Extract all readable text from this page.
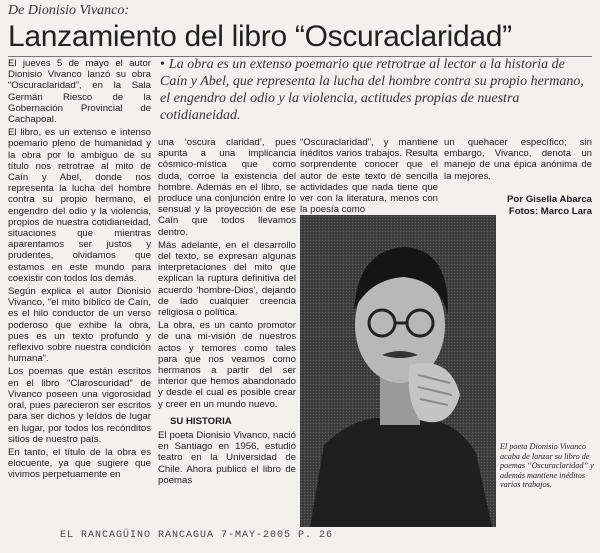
De Dionisio Vivanco:
Lanzamiento del libro “Oscuraclaridad”
• La obra es un extenso poemario que retrotrae al lector a la historia de Caín y Abel, que representa la lucha del hombre contra su propio hermano, el engendro del odio y la violencia, actitudes propias de nuestra cotidianeidad.

El jueves 5 de mayo el autor Dionisio Vivanco lanzó su obra “Oscuraclaridad”, en la Sala Germán Riesco de la Gobernación Provincial de Cachapoal.

El libro, es un extenso e intenso poemario pleno de humanidad y la obra por lo ambiguo de su título nos retrotrae al mito de Caín y Abel, donde nos representa la lucha del hombre contra su propio hermano, el engendro del odio y la violencia, propios de nuestra cotidianeidad, situaciones que mientras aparentamos ser justos y prudentes, olvidamos que estamos en este mundo para coexistir con todos los demás.

Según explica el autor Dionisio Vivanco, “el mito bíblico de Caín, es el hilo conductor de un verso poderoso que exhibe la obra, pues es un texto profundo y reflexivo sobre nuestra condición humana”.

Los poemas que están escritos en el libro “Claroscuridad” de Vivanco poseen una vigorosidad oral, pues parecieron ser escritos para ser dichos y leídos de lugar en lugar, por todos los recónditos sitios de nuestro país.

En tanto, el título de la obra es elocuente, ya que sugiere que vivimos perpetuamente en

una ‘oscura claridad’, pues apunta a una implicancia cósmico-mística que como duda, corroe la existencia del hombre. Además en el libro, se produce una conjunción entre lo sensual y la proyección de ese Caín que todos llevamos dentro.

Más adelante, en el desarrollo del texto, se expresan algunas interpretaciones del mito que explican la ruptura definitiva del acuerdo ‘hombre-Dios’, dejando de lado cualquier creencia religiosa o política.

La obra, es un canto promotor de una mi-visión de nuestros actos y temores como tales para que nos veamos como hermanos a partir del ser interior que hemos abandonado y desde el cual es posible crear y creer en un mundo nuevo.

SU HISTORIA

El poeta Dionisio Vivanco, nació en Santiago en 1956, estudió teatro en la Universidad de Chile. Ahora publicó el libro de poemas

“Oscuraclaridad”, y mantiene inéditos varios trabajos. Resulta sorprendente conocer que el autor de este texto de sencilla actividades que nada tiene que ver con la literatura, menos con la poesía como

un quehacer específico; sin embargo, Vivanco, denota un manejo de una épica anónima de la mejores.

Por Gisella Abarca
Fotos: Marco Lara
El poeta Dionisio Vivanco acaba de lanzar su libro de poemas “Oscuraclaridad” y además mantiene inéditos varios trabajos.
EL RANCAGÜINO RANCAGUA 7-MAY-2005 P. 26
